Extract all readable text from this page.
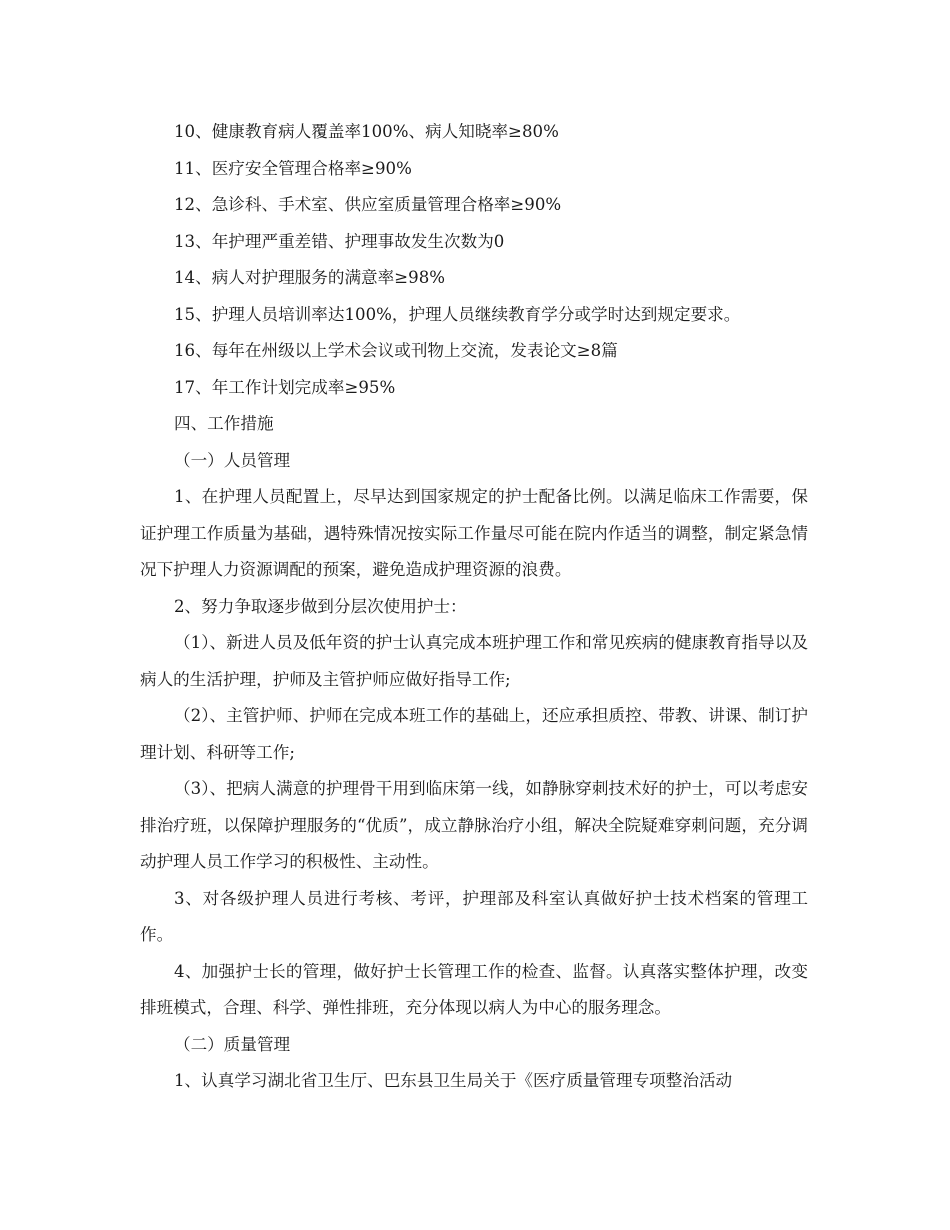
10、健康教育病人覆盖率100%、病人知晓率≥80%

11、医疗安全管理合格率≥90%

12、急诊科、手术室、供应室质量管理合格率≥90%

13、年护理严重差错、护理事故发生次数为0

14、病人对护理服务的满意率≥98%

15、护理人员培训率达100%，护理人员继续教育学分或学时达到规定要求。

16、每年在州级以上学术会议或刊物上交流，发表论文≥8篇

17、年工作计划完成率≥95%

四、工作措施

（一）人员管理

1、在护理人员配置上，尽早达到国家规定的护士配备比例。以满足临床工作需要，保证护理工作质量为基础，遇特殊情况按实际工作量尽可能在院内作适当的调整，制定紧急情况下护理人力资源调配的预案，避免造成护理资源的浪费。

2、努力争取逐步做到分层次使用护士：

（1）、新进人员及低年资的护士认真完成本班护理工作和常见疾病的健康教育指导以及病人的生活护理，护师及主管护师应做好指导工作;

（2）、主管护师、护师在完成本班工作的基础上，还应承担质控、带教、讲课、制订护理计划、科研等工作;

（3）、把病人满意的护理骨干用到临床第一线，如静脉穿刺技术好的护士，可以考虑安排治疗班，以保障护理服务的“优质”，成立静脉治疗小组，解决全院疑难穿刺问题，充分调动护理人员工作学习的积极性、主动性。

3、对各级护理人员进行考核、考评，护理部及科室认真做好护士技术档案的管理工作。

4、加强护士长的管理，做好护士长管理工作的检查、监督。认真落实整体护理，改变排班模式，合理、科学、弹性排班，充分体现以病人为中心的服务理念。

（二）质量管理

1、认真学习湖北省卫生厅、巴东县卫生局关于《医疗质量管理专项整治活动
